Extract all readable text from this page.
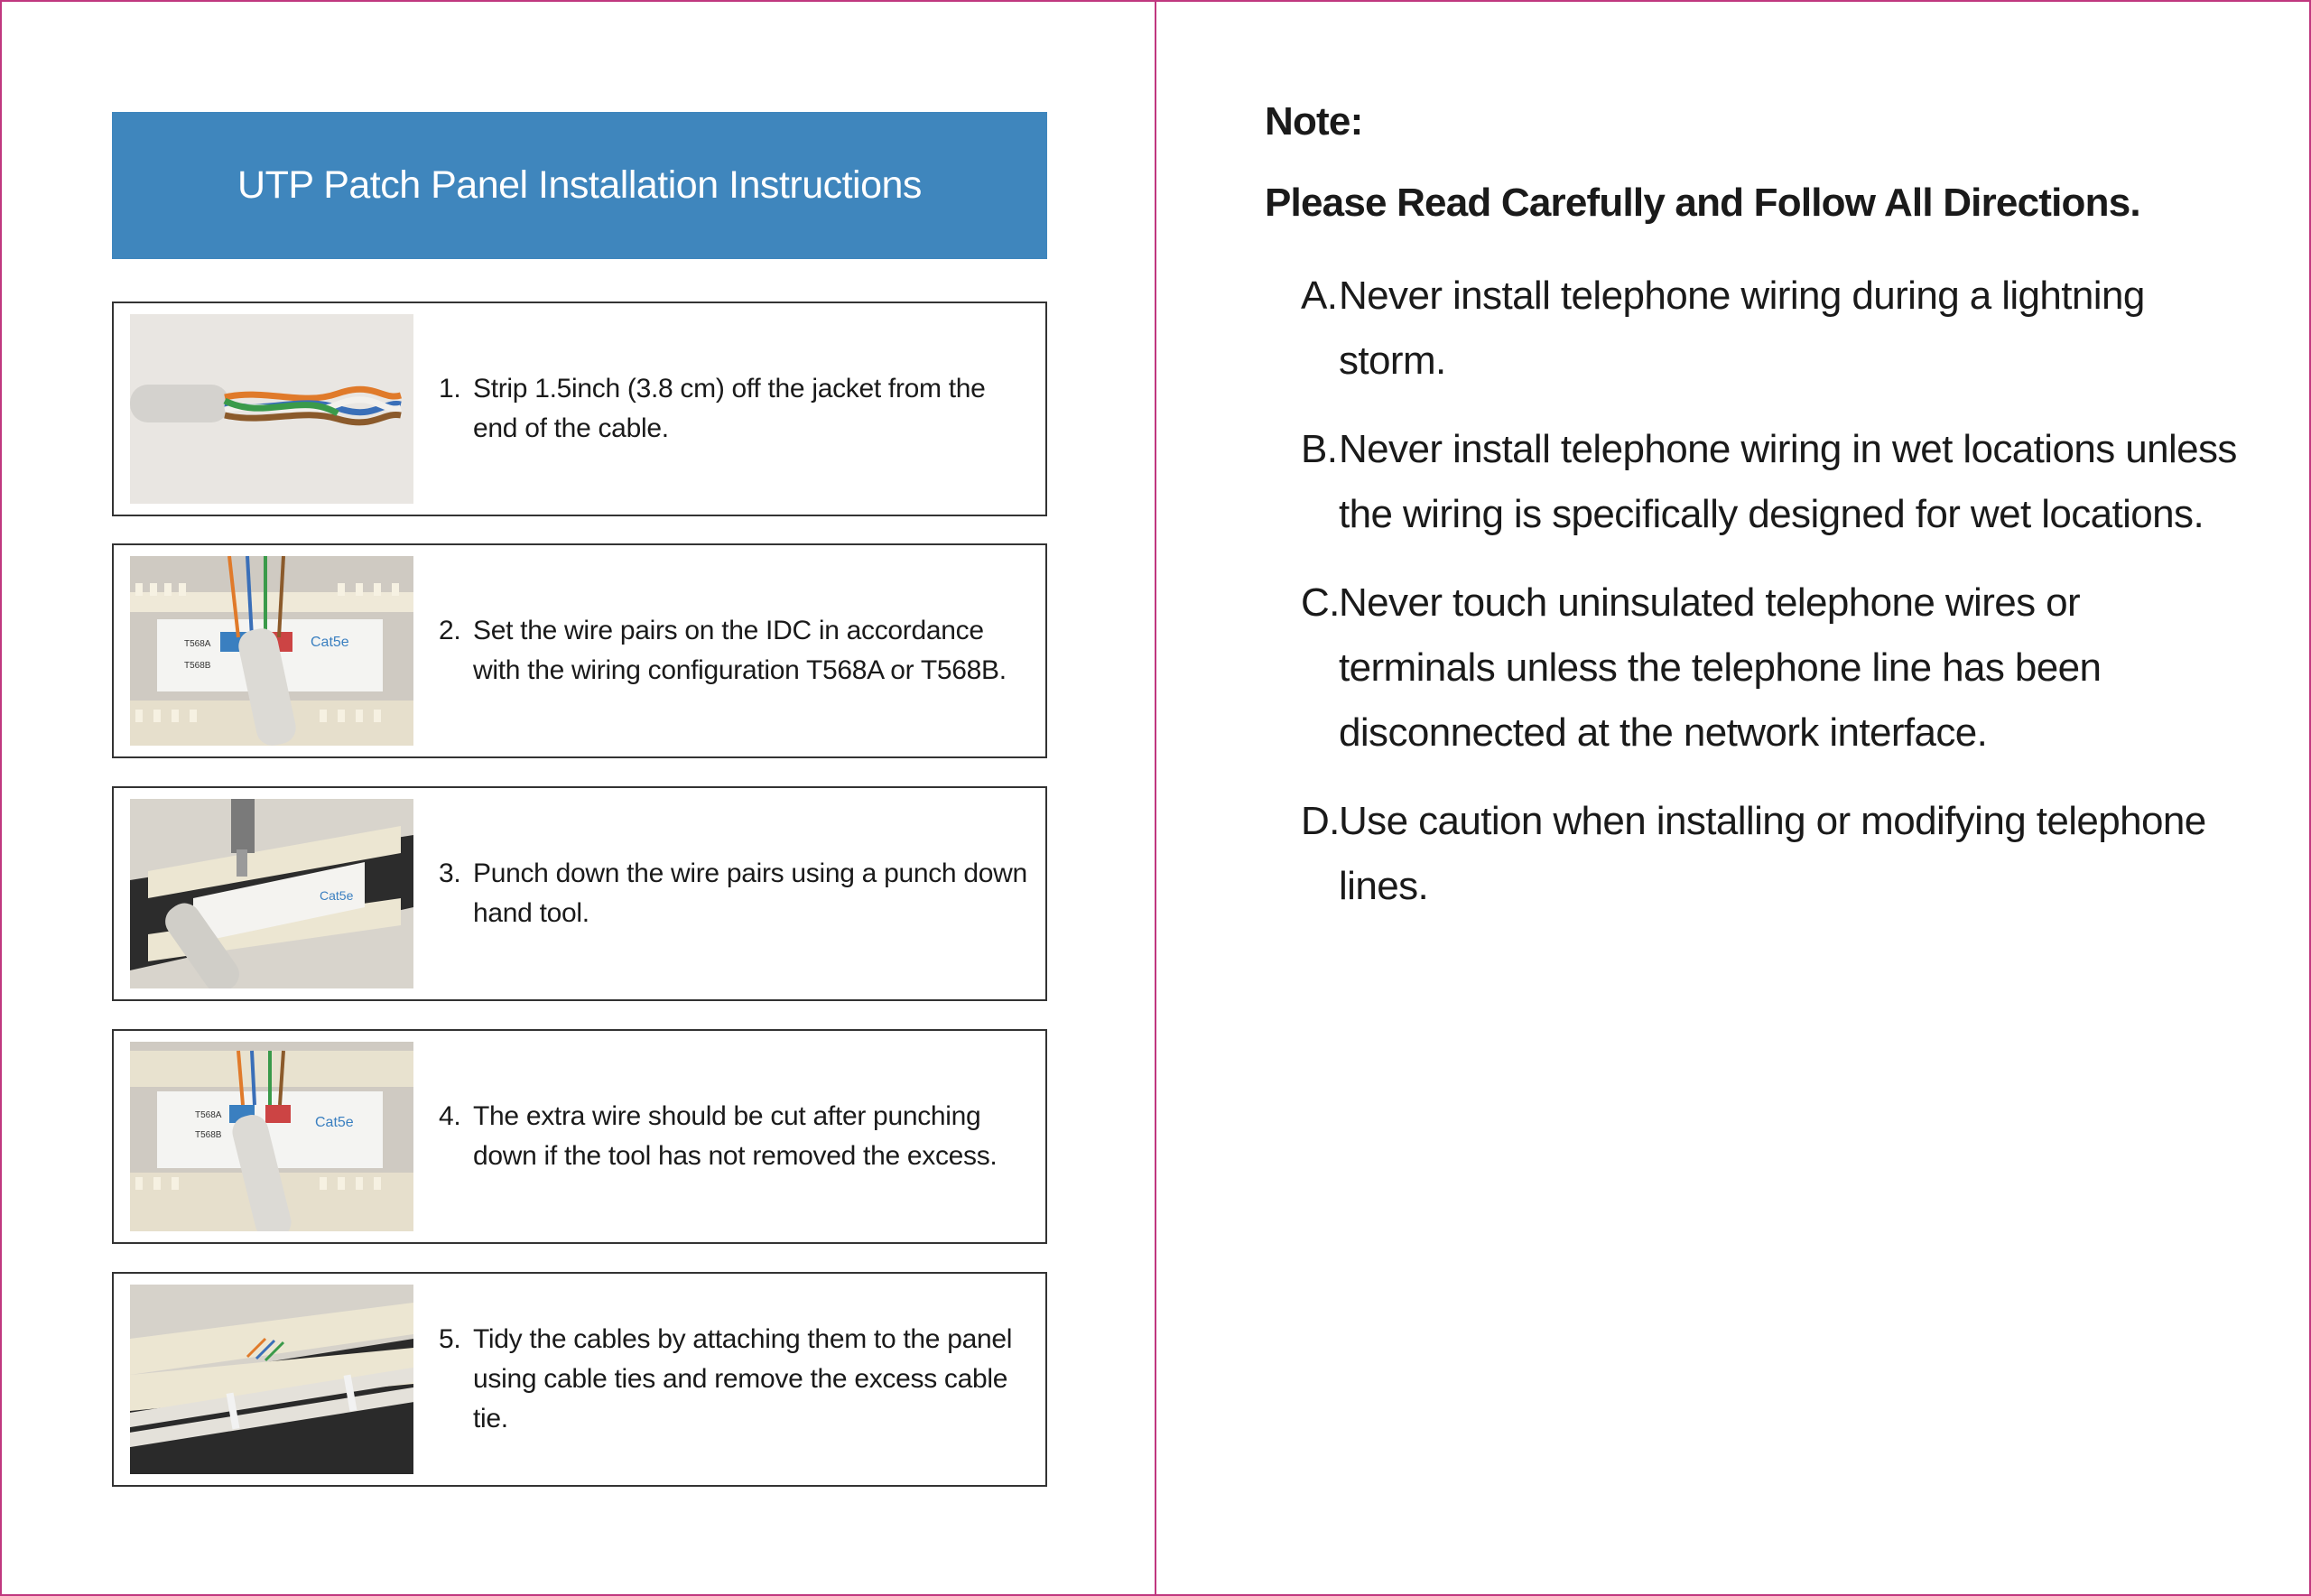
UTP Patch Panel Installation Instructions
1. Strip 1.5inch (3.8 cm) off the jacket from the end of the cable.
T568A
T568B
Cat5e	2. Set the wire pairs on the IDC in accordance with the wiring configuration T568A or T568B.
Cat5e
3. Punch down the wire pairs using a punch down hand tool.
T568A
T568B
Cat5e	4. The extra wire should be cut after punching down if the tool has not removed the excess.
5. Tidy the cables by attaching them to the panel using cable ties and remove the excess cable tie.
Note:
Please Read Carefully and Follow All Directions.
A. Never install telephone wiring during a lightning storm.
B. Never install telephone wiring in wet locations unless the wiring is specifically designed for wet locations.
C. Never touch uninsulated telephone wires or terminals unless the telephone line has been disconnected at the network interface.
D. Use caution when installing or modifying telephone lines.
